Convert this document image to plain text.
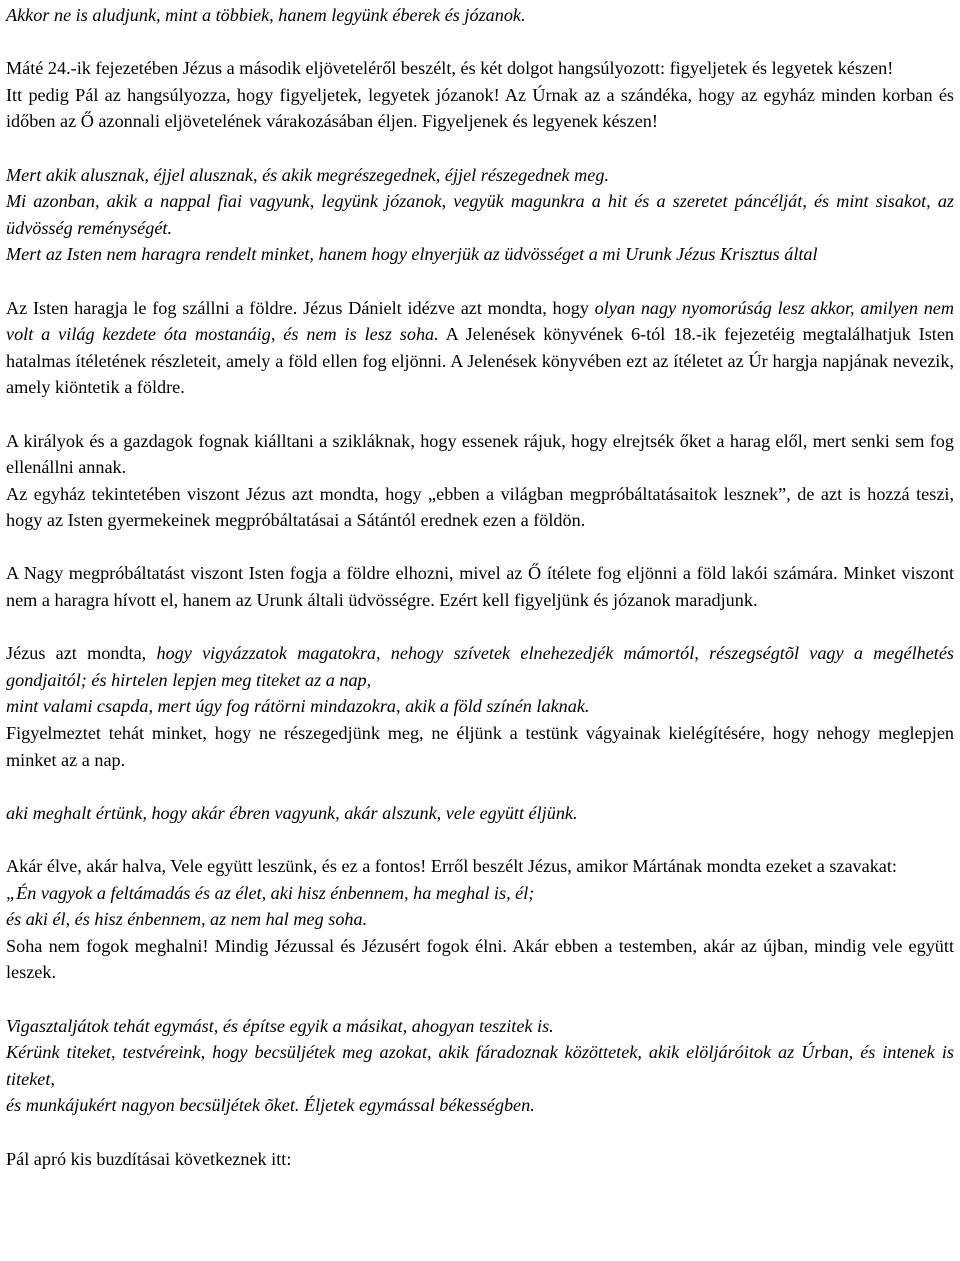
Akkor ne is aludjunk, mint a többiek, hanem legyünk éberek és józanok.

Máté 24.-ik fejezetében Jézus a második eljöveteléről beszélt, és két dolgot hangsúlyozott: figyeljetek és legyetek készen!

Itt pedig Pál az hangsúlyozza, hogy figyeljetek, legyetek józanok! Az Úrnak az a szándéka, hogy az egyház minden korban és időben az Ő azonnali eljövetelének várakozásában éljen. Figyeljenek és legyenek készen!

Mert akik alusznak, éjjel alusznak, és akik megrészegednek, éjjel részegednek meg.

Mi azonban, akik a nappal fiai vagyunk, legyünk józanok, vegyük magunkra a hit és a szeretet páncélját, és mint sisakot, az üdvösség reménységét.

Mert az Isten nem haragra rendelt minket, hanem hogy elnyerjük az üdvösséget a mi Urunk Jézus Krisztus által

Az Isten haragja le fog szállni a földre. Jézus Dánielt idézve azt mondta, hogy olyan nagy nyomorúság lesz akkor, amilyen nem volt a világ kezdete óta mostanáig, és nem is lesz soha. A Jelenések könyvének 6-tól 18.-ik fejezetéig megtalálhatjuk Isten hatalmas ítéletének részleteit, amely a föld ellen fog eljönni. A Jelenések könyvében ezt az ítéletet az Úr hargja napjának nevezik, amely kiöntetik a földre.

A királyok és a gazdagok fognak kiálltani a szikláknak, hogy essenek rájuk, hogy elrejtsék őket a harag elől, mert senki sem fog ellenállni annak.

Az egyház tekintetében viszont Jézus azt mondta, hogy „ebben a világban megpróbáltatásaitok lesznek”, de azt is hozzá teszi, hogy az Isten gyermekeinek megpróbáltatásai a Sátántól erednek ezen a földön.

A Nagy megpróbáltatást viszont Isten fogja a földre elhozni, mivel az Ő ítélete fog eljönni a föld lakói számára. Minket viszont nem a haragra hívott el, hanem az Urunk általi üdvösségre. Ezért kell figyeljünk és józanok maradjunk.

Jézus azt mondta, hogy vigyázzatok magatokra, nehogy szívetek elnehezedjék mámortól, részegségtõl vagy a megélhetés gondjaitól; és hirtelen lepjen meg titeket az a nap,
mint valami csapda, mert úgy fog rátörni mindazokra, akik a föld színén laknak.

Figyelmeztet tehát minket, hogy ne részegedjünk meg, ne éljünk a testünk vágyainak kielégítésére, hogy nehogy meglepjen minket az a nap.

aki meghalt értünk, hogy akár ébren vagyunk, akár alszunk, vele együtt éljünk.

Akár élve, akár halva, Vele együtt leszünk, és ez a fontos! Erről beszélt Jézus, amikor Mártának mondta ezeket a szavakat:

„Én vagyok a feltámadás és az élet, aki hisz énbennem, ha meghal is, él;
és aki él, és hisz énbennem, az nem hal meg soha.

Soha nem fogok meghalni! Mindig Jézussal és Jézusért fogok élni. Akár ebben a testemben, akár az újban, mindig vele együtt leszek.

Vigasztaljátok tehát egymást, és építse egyik a másikat, ahogyan teszitek is.

Kérünk titeket, testvéreink, hogy becsüljétek meg azokat, akik fáradoznak közöttetek, akik elöljáróitok az Úrban, és intenek is titeket,
és munkájukért nagyon becsüljétek õket. Éljetek egymással békességben.

Pál apró kis buzdításai következnek itt:
